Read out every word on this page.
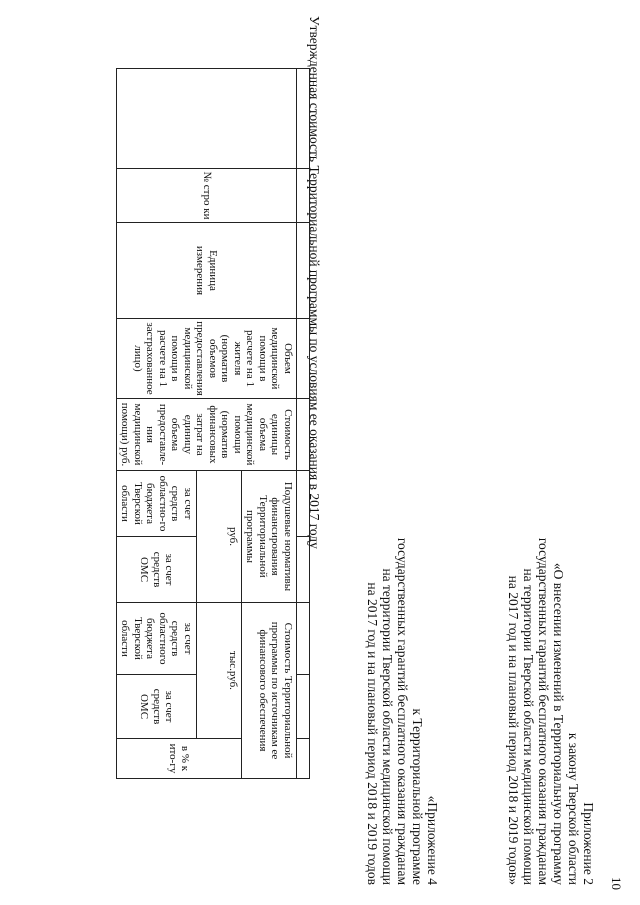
10
Приложение 2
к закону Тверской области
«О внесении изменений в Территориальную программу
государственных гарантий бесплатного оказания гражданам
на территории Тверской области медицинской помощи
на 2017 год и на плановый период 2018 и 2019 годов»
«Приложение 4
к Территориальной программе
государственных гарантий бесплатного оказания гражданам
на территории Тверской области медицинской помощи
на 2017 год и на плановый период 2018 и 2019 годов
Утвержденная стоимость Территориальной программы по условиям ее оказания в 2017 году

	№ стро ки	Единица измерения	Объем медицинской помощи в расчете на 1 жителя (норматив объемов предоставления медицинской помощи в расчете на 1 застрахованное лицо)	Стоимость единицы объема медицинской помощи (норматив финансовых затрат на единицу объема предоставле-ния медицинской помощи) руб.	Подушевые нормативы финансирования Территориальной программы		Стоимость Территориальной программы по источникам ее финансового обеспечения		
					руб.		тыс.руб.		в % к ито-гу
					за счет средств областно-го бюджета Тверской области	за счет средств ОМС	за счет средств областного бюджета Тверской области	за счет средств ОМС	
